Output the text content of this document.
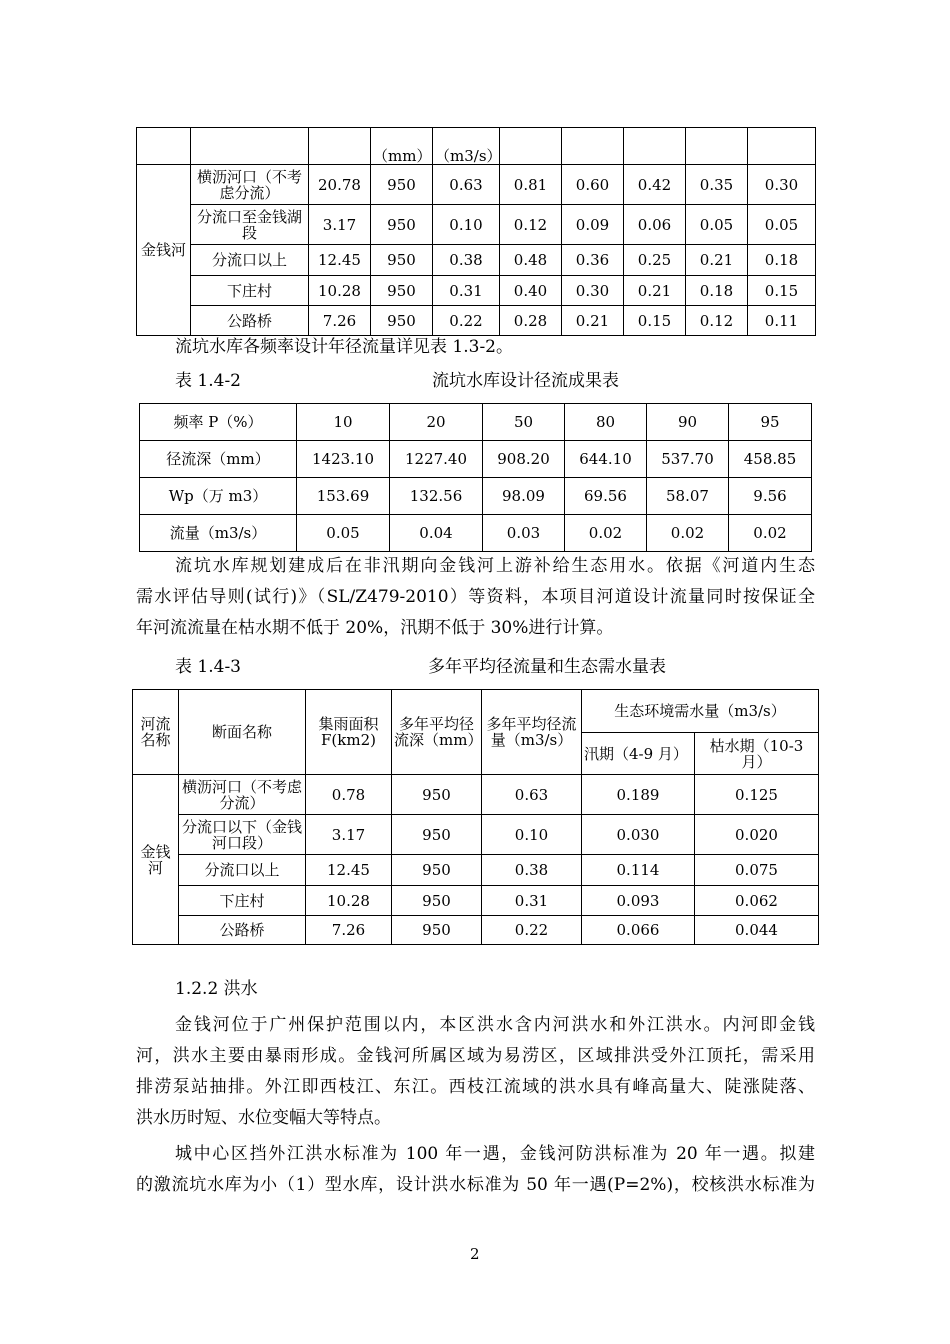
			（mm）	（m3/s）					
金钱河	横沥河口（不考虑分流）	20.78	950	0.63	0.81	0.60	0.42	0.35	0.30
	分流口至金钱湖段	3.17	950	0.10	0.12	0.09	0.06	0.05	0.05
	分流口以上	12.45	950	0.38	0.48	0.36	0.25	0.21	0.18
	下庄村	10.28	950	0.31	0.40	0.30	0.21	0.18	0.15
	公路桥	7.26	950	0.22	0.28	0.21	0.15	0.12	0.11
流坑水库各频率设计年径流量详见表 1.3-2。
表 1.4-2	流坑水库设计径流成果表
频率 P（%）	10	20	50	80	90	95
径流深（mm）	1423.10	1227.40	908.20	644.10	537.70	458.85
Wp（万 m3）	153.69	132.56	98.09	69.56	58.07	9.56
流量（m3/s）	0.05	0.04	0.03	0.02	0.02	0.02
流坑水库规划建成后在非汛期向金钱河上游补给生态用水。依据《河道内生态
需水评估导则(试行)》（SL/Z479-2010）等资料，本项目河道设计流量同时按保证全
年河流流量在枯水期不低于 20%，汛期不低于 30%进行计算。
表 1.4-3	多年平均径流量和生态需水量表
河流名称	断面名称	集雨面积F(km2)	多年平均径流深（mm）	多年平均径流量（m3/s）	生态环境需水量（m3/s）	
					汛期（4-9 月）	枯水期（10-3月）
金钱河	横沥河口（不考虑分流）	0.78	950	0.63	0.189	0.125
	分流口以下（金钱河口段）	3.17	950	0.10	0.030	0.020
	分流口以上	12.45	950	0.38	0.114	0.075
	下庄村	10.28	950	0.31	0.093	0.062
	公路桥	7.26	950	0.22	0.066	0.044
1.2.2 洪水
金钱河位于广州保护范围以内，本区洪水含内河洪水和外江洪水。内河即金钱
河，洪水主要由暴雨形成。金钱河所属区域为易涝区，区域排洪受外江顶托，需采用
排涝泵站抽排。外江即西枝江、东江。西枝江流域的洪水具有峰高量大、陡涨陡落、
洪水历时短、水位变幅大等特点。
城中心区挡外江洪水标准为 100 年一遇，金钱河防洪标准为 20 年一遇。拟建
的激流坑水库为小（1）型水库，设计洪水标准为 50 年一遇(P=2%)，校核洪水标准为
2
